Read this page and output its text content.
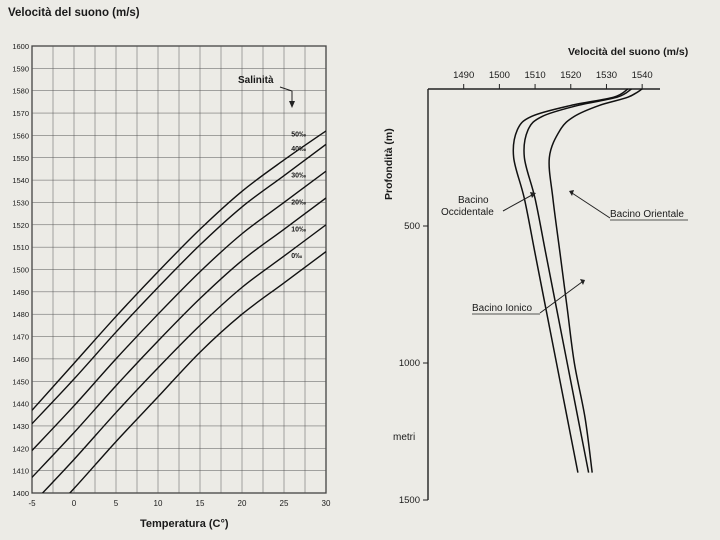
Velocità del suono (m/s)
1400
1410
1420
1430
1440
1450
1460
1470
1480
1490
1500
1510
1520
1530
1540
1550
1560
1570
1580
1590
1600
-5	0	5	10	15	20	25	30
0‰
10‰
20‰
30‰
40‰
50‰
Salinità
Temperatura (C°)
Velocità del suono (m/s)
1490 1500 1510 1520 1530 1540
500
1000
1500
Profondità (m)
metri
Bacino
Occidentale	Bacino Orientale
Bacino Ionico
